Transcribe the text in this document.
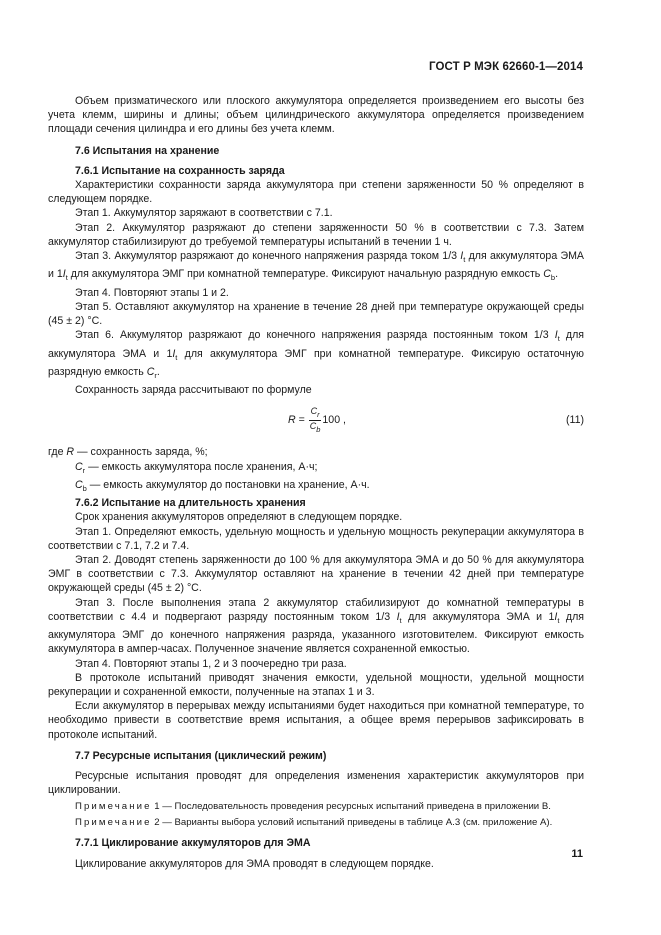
ГОСТ Р МЭК 62660-1—2014

Объем призматического или плоского аккумулятора определяется произведением его высоты без учета клемм, ширины и длины; объем цилиндрического аккумулятора определяется произведением площади сечения цилиндра и его длины без учета клемм.

7.6 Испытания на хранение

7.6.1 Испытание на сохранность заряда

Характеристики сохранности заряда аккумулятора при степени заряженности 50 % определяют в следующем порядке.

Этап 1. Аккумулятор заряжают в соответствии с 7.1.

Этап 2. Аккумулятор разряжают до степени заряженности 50 % в соответствии с 7.3. Затем аккумулятор стабилизируют до требуемой температуры испытаний в течении 1 ч.

Этап 3. Аккумулятор разряжают до конечного напряжения разряда током 1/3 $I_t$ для аккумулятора ЭМА и $1I_t$ для аккумулятора ЭМГ при комнатной температуре. Фиксируют начальную разрядную емкость $C_b$.

Этап 4. Повторяют этапы 1 и 2.

Этап 5. Оставляют аккумулятор на хранение в течение 28 дней при температуре окружающей среды (45 ± 2) °C.

Этап 6. Аккумулятор разряжают до конечного напряжения разряда постоянным током 1/3 $I_t$ для аккумулятора ЭМА и $1I_t$ для аккумулятора ЭМГ при комнатной температуре. Фиксирую остаточную разрядную емкость $C_r$.

Сохранность заряда рассчитывают по формуле

$R = \frac{C_r}{C_b} 100$ ,	(11)

где R — сохранность заряда, %;

$C_r$ — емкость аккумулятора после хранения, А·ч;

$C_b$ — емкость аккумулятор до постановки на хранение, А·ч.

7.6.2 Испытание на длительность хранения

Срок хранения аккумуляторов определяют в следующем порядке.

Этап 1. Определяют емкость, удельную мощность и удельную мощность рекуперации аккумулятора в соответствии с 7.1, 7.2 и 7.4.

Этап 2. Доводят степень заряженности до 100 % для аккумулятора ЭМА и до 50 % для аккумулятора ЭМГ в соответствии с 7.3. Аккумулятор оставляют на хранение в течении 42 дней при температуре окружающей среды (45 ± 2) °C.

Этап 3. После выполнения этапа 2 аккумулятор стабилизируют до комнатной температуры в соответствии с 4.4 и подвергают разряду постоянным током 1/3 $I_t$ для аккумулятора ЭМА и $1I_t$ для аккумулятора ЭМГ до конечного напряжения разряда, указанного изготовителем. Фиксируют емкость аккумулятора в ампер-часах. Полученное значение является сохраненной емкостью.

Этап 4. Повторяют этапы 1, 2 и 3 поочередно три раза.

В протоколе испытаний приводят значения емкости, удельной мощности, удельной мощности рекуперации и сохраненной емкости, полученные на этапах 1 и 3.

Если аккумулятор в перерывах между испытаниями будет находиться при комнатной температуре, то необходимо привести в соответствие время испытания, а общее время перерывов зафиксировать в протоколе испытаний.

7.7 Ресурсные испытания (циклический режим)

Ресурсные испытания проводят для определения изменения характеристик аккумуляторов при циклировании.

Примечание 1 — Последовательность проведения ресурсных испытаний приведена в приложении В.

Примечание 2 — Варианты выбора условий испытаний приведены в таблице А.3 (см. приложение А).

7.7.1 Циклирование аккумуляторов для ЭМА

Циклирование аккумуляторов для ЭМА проводят в следующем порядке.

11
